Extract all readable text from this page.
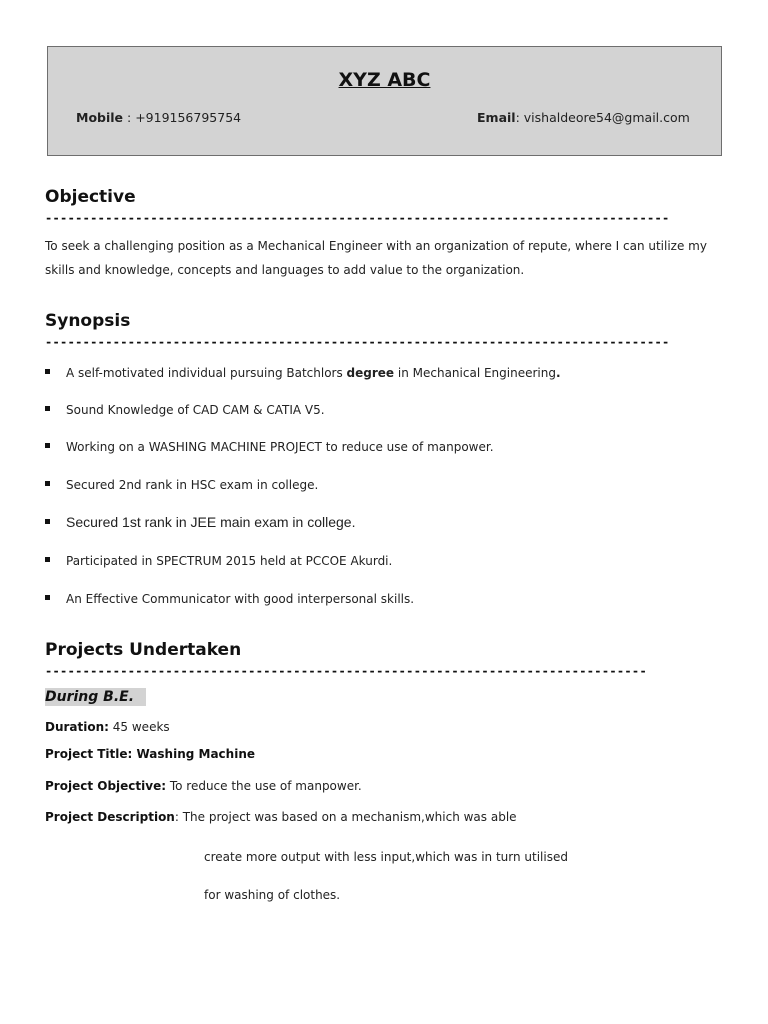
XYZ ABC
Mobile : +919156795754	Email: vishaldeore54@gmail.com
Objective
-----------------------------------------------------------------------------------
To seek a challenging position as a Mechanical Engineer with an organization of repute, where I can utilize my skills and knowledge, concepts and languages to add value to the organization.
Synopsis
-----------------------------------------------------------------------------------
A self-motivated individual pursuing Batchlors degree in Mechanical Engineering.
Sound Knowledge of CAD CAM & CATIA V5.
Working on a WASHING MACHINE PROJECT to reduce use of manpower.
Secured 2nd rank in HSC exam in college.
Secured 1st rank in JEE main exam in college.
Participated in SPECTRUM 2015 held at PCCOE Akurdi.
An Effective Communicator with good interpersonal skills.
Projects Undertaken
--------------------------------------------------------------------------------
During B.E.
Duration: 45 weeks
Project Title: Washing Machine
Project Objective: To reduce the use of manpower.
Project Description: The project was based on a mechanism,which was able
create more output with less input,which was in turn utilised
for washing of clothes.
